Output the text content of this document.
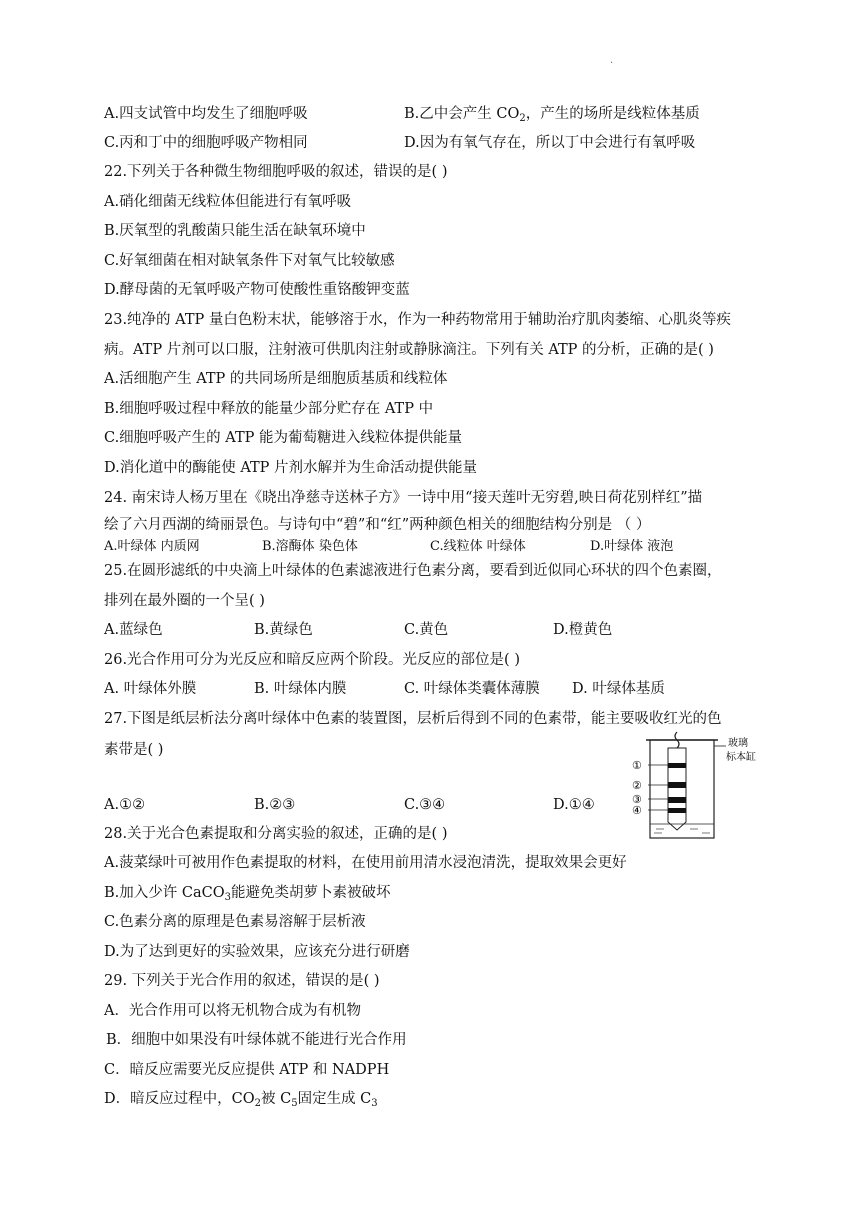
·
A.四支试管中均发生了细胞呼吸	B.乙中会产生 $CO_2$，产生的场所是线粒体基质
C.丙和丁中的细胞呼吸产物相同	D.因为有氧气存在，所以丁中会进行有氧呼吸
22.下列关于各种微生物细胞呼吸的叙述，错误的是( )
A.硝化细菌无线粒体但能进行有氧呼吸
B.厌氧型的乳酸菌只能生活在缺氧环境中
C.好氧细菌在相对缺氧条件下对氧气比较敏感
D.酵母菌的无氧呼吸产物可使酸性重铬酸钾变蓝
23.纯净的 ATP 量白色粉末状，能够溶于水，作为一种药物常用于辅助治疗肌肉萎缩、心肌炎等疾
病。ATP 片剂可以口服，注射液可供肌肉注射或静脉滴注。下列有关 ATP 的分析，正确的是( )
A.活细胞产生 ATP 的共同场所是细胞质基质和线粒体
B.细胞呼吸过程中释放的能量少部分贮存在 ATP 中
C.细胞呼吸产生的 ATP 能为葡萄糖进入线粒体提供能量
D.消化道中的酶能使 ATP 片剂水解并为生命活动提供能量
24. 南宋诗人杨万里在《晓出净慈寺送林子方》一诗中用“接天莲叶无穷碧,映日荷花别样红”描
绘了六月西湖的绮丽景色。与诗句中“碧”和“红”两种颜色相关的细胞结构分别是 （ ）
A.叶绿体 内质网	B.溶酶体 染色体	C.线粒体 叶绿体	D.叶绿体 液泡
25.在圆形滤纸的中央滴上叶绿体的色素滤液进行色素分离，要看到近似同心环状的四个色素圈，
排列在最外圈的一个呈( )
A.蓝绿色	B.黄绿色	C.黄色	D.橙黄色
26.光合作用可分为光反应和暗反应两个阶段。光反应的部位是( )
A. 叶绿体外膜	B. 叶绿体内膜	C. 叶绿体类囊体薄膜 D. 叶绿体基质
27.下图是纸层析法分离叶绿体中色素的装置图，层析后得到不同的色素带，能主要吸收红光的色
素带是( )
A.①②	B.②③	C.③④	D.①④
①
②
③
④
玻璃
标本缸
28.关于光合色素提取和分离实验的叙述，正确的是( )
A.菠菜绿叶可被用作色素提取的材料，在使用前用清水浸泡清洗，提取效果会更好
B.加入少许 CaCO$_3$能避免类胡萝卜素被破坏
C.色素分离的原理是色素易溶解于层析液
D.为了达到更好的实验效果，应该充分进行研磨
29. 下列关于光合作用的叙述，错误的是( )
A．光合作用可以将无机物合成为有机物
B．细胞中如果没有叶绿体就不能进行光合作用
C．暗反应需要光反应提供 ATP 和 NADPH
D．暗反应过程中，$CO_2$被 $C_5$固定生成 $C_3$
